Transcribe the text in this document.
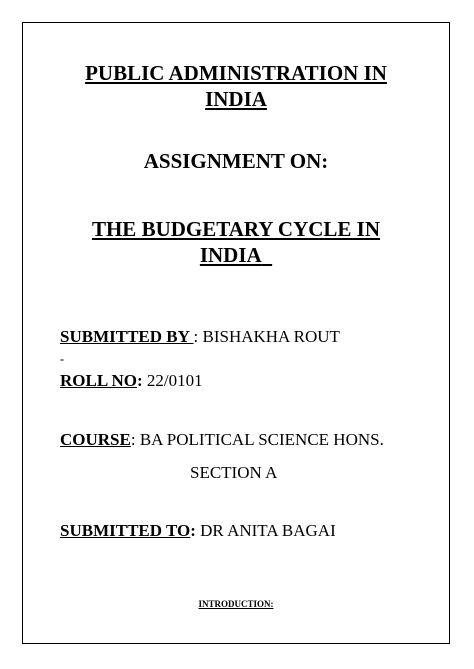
PUBLIC ADMINISTRATION IN
INDIA
ASSIGNMENT ON:
THE BUDGETARY CYCLE IN
INDIA
SUBMITTED BY : BISHAKHA ROUT
-
ROLL NO: 22/0101
COURSE: BA POLITICAL SCIENCE HONS.
SECTION A
SUBMITTED TO: DR ANITA BAGAI
INTRODUCTION:
